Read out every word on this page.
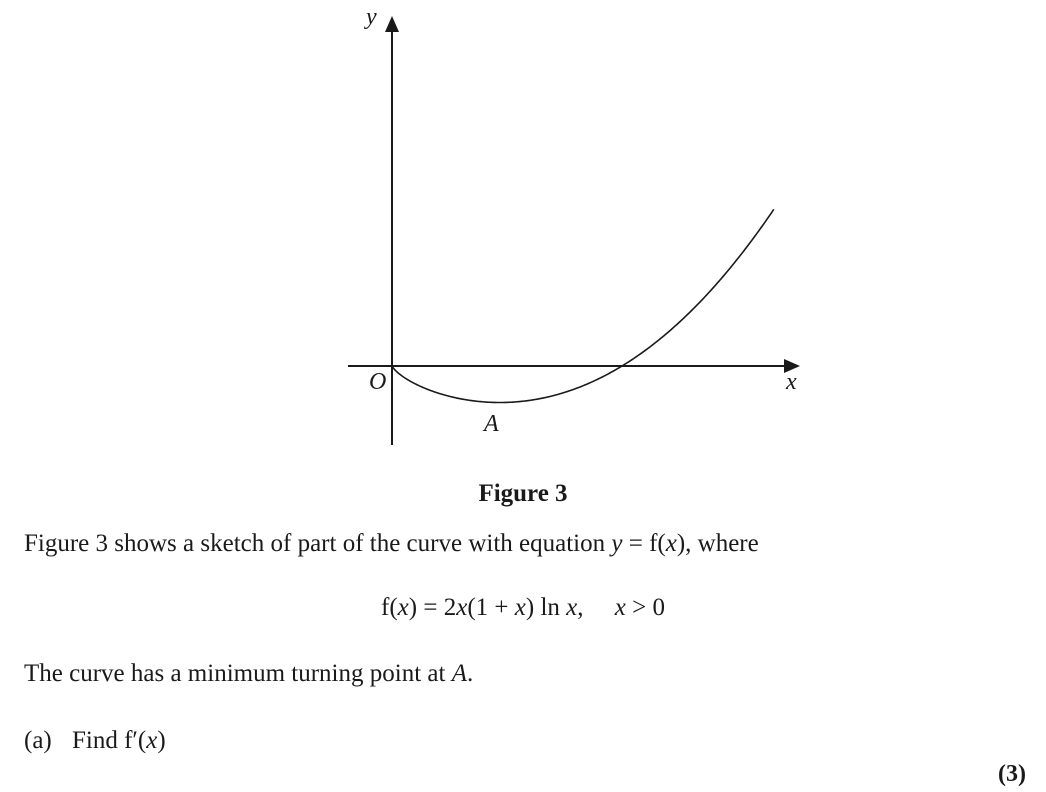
y
x
O
A

Figure 3

Figure 3 shows a sketch of part of the curve with equation y = f(x), where

f(x) = 2x(1 + x) ln x,     x > 0

The curve has a minimum turning point at A.

(a) Find f′(x)

(3)
